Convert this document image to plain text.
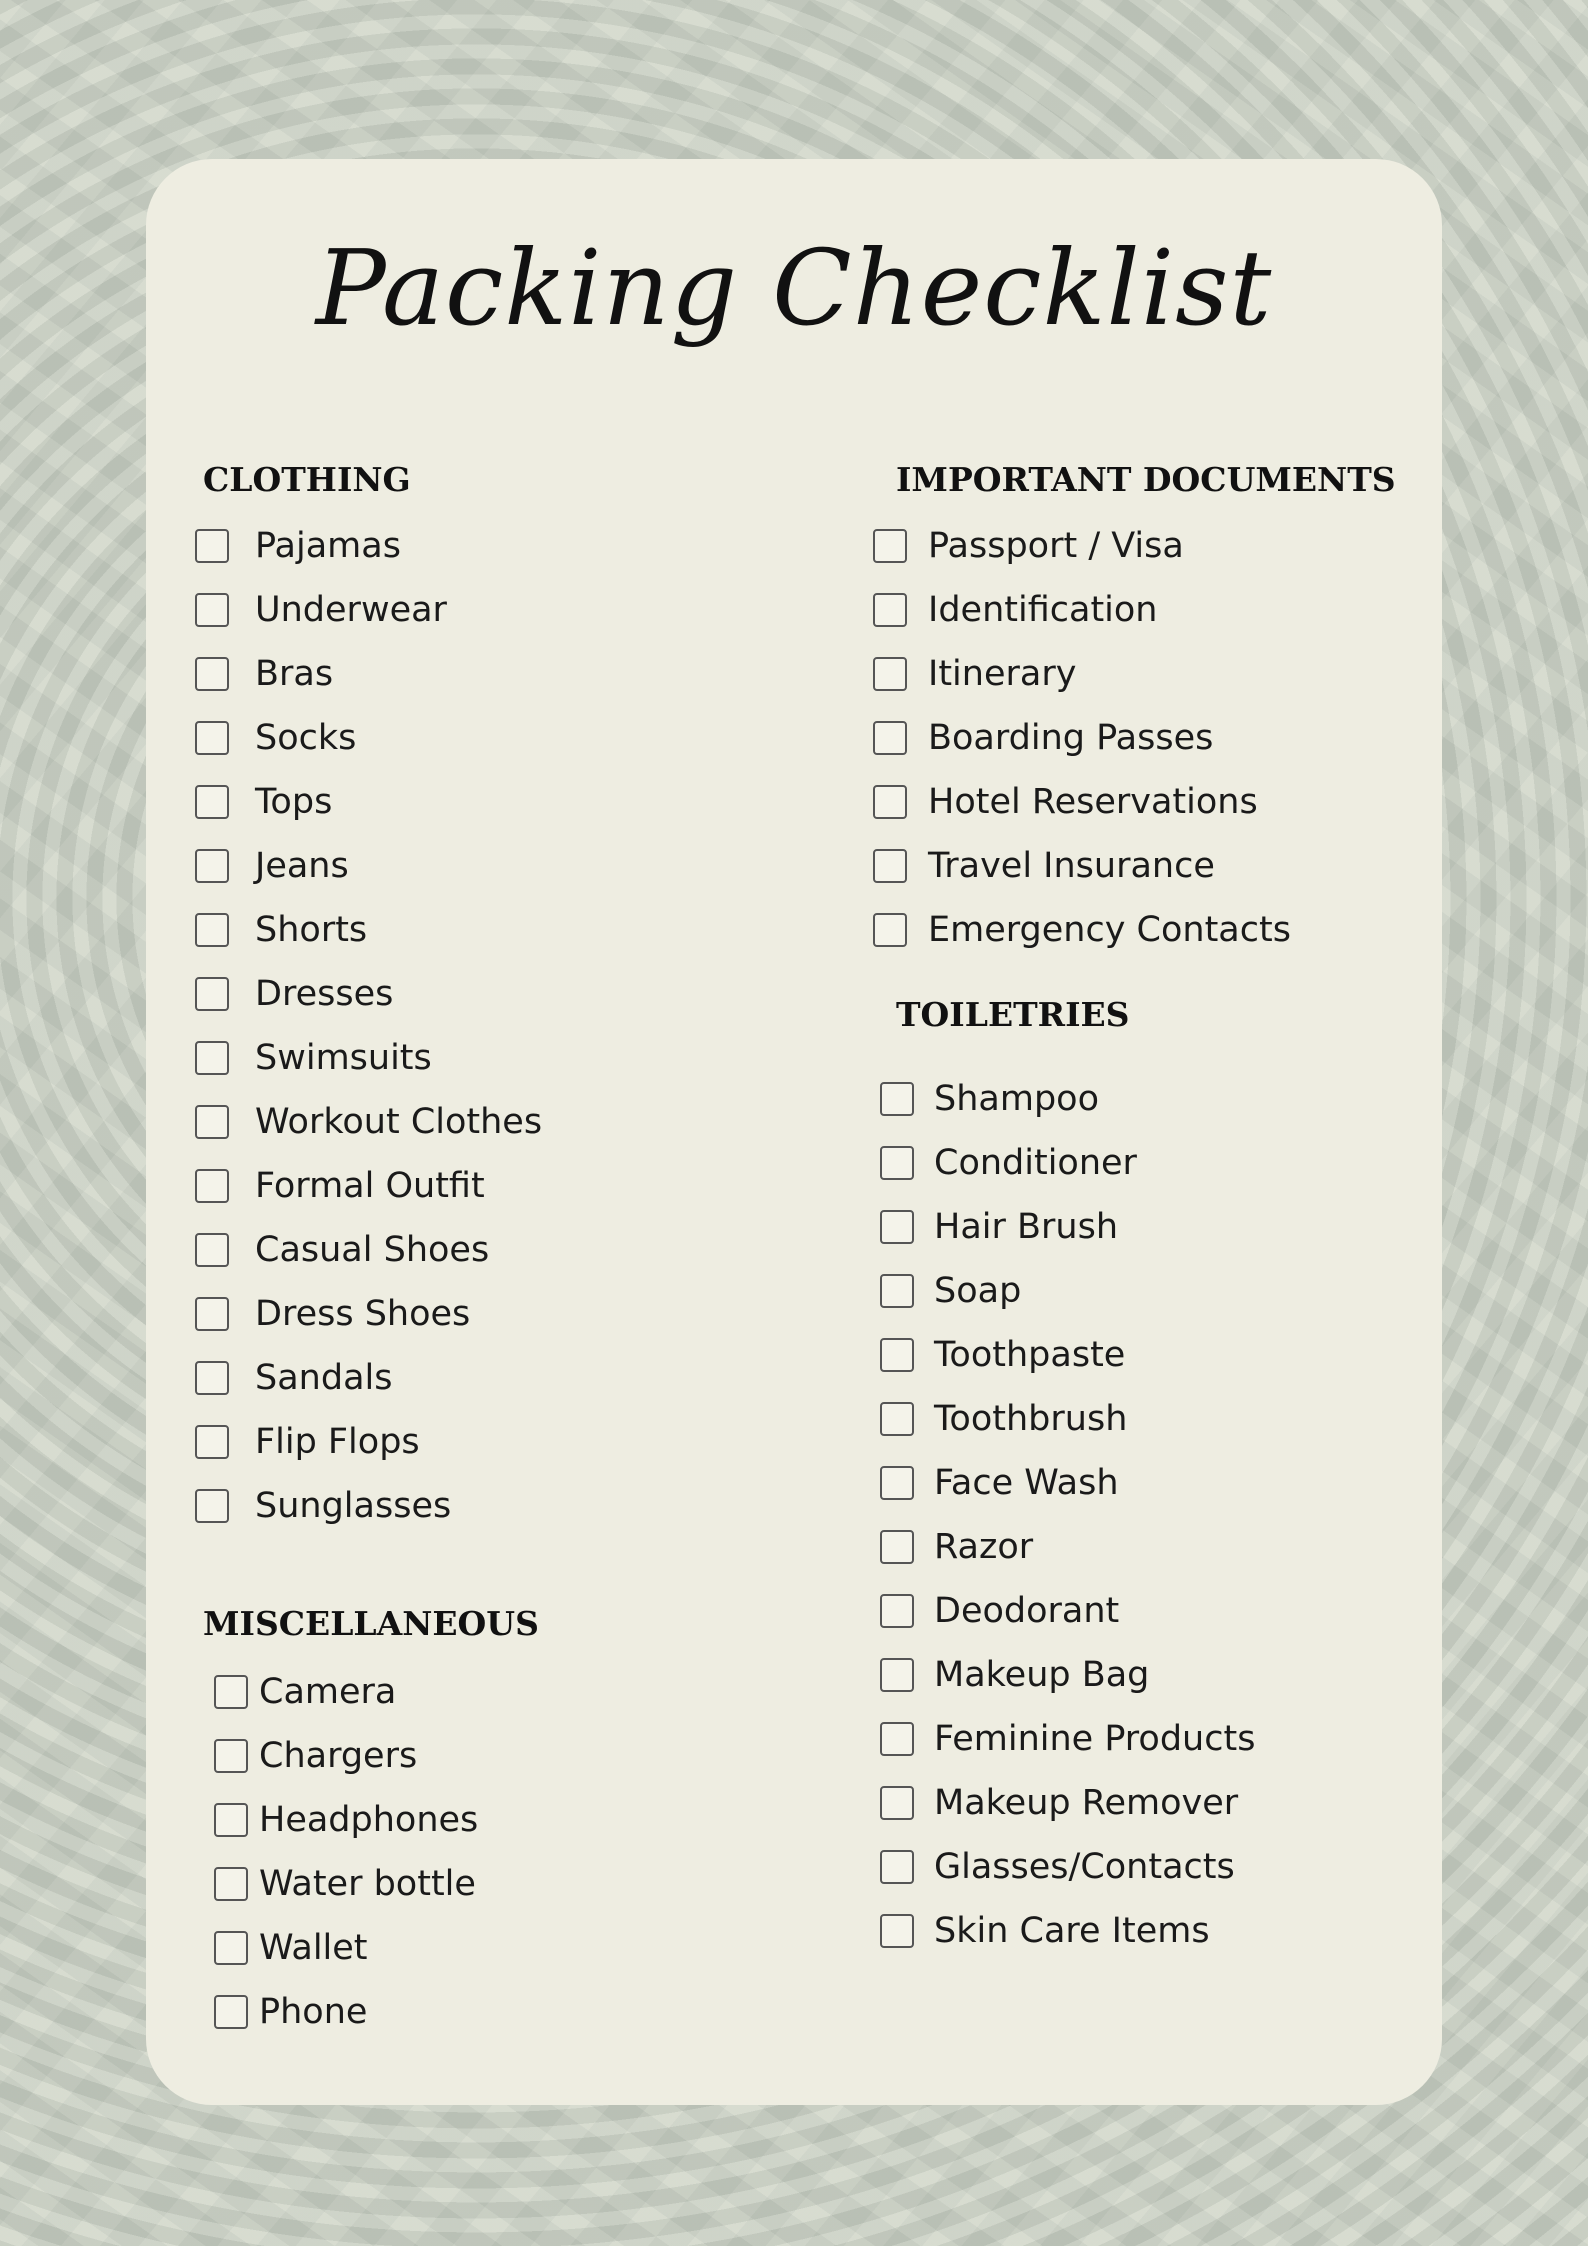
Packing Checklist
CLOTHING
Pajamas
Underwear
Bras
Socks
Tops
Jeans
Shorts
Dresses
Swimsuits
Workout Clothes
Formal Outfit
Casual Shoes
Dress Shoes
Sandals
Flip Flops
Sunglasses
MISCELLANEOUS
Camera
Chargers
Headphones
Water bottle
Wallet
Phone
IMPORTANT DOCUMENTS
Passport / Visa
Identification
Itinerary
Boarding Passes
Hotel Reservations
Travel Insurance
Emergency Contacts
TOILETRIES
Shampoo
Conditioner
Hair Brush
Soap
Toothpaste
Toothbrush
Face Wash
Razor
Deodorant
Makeup Bag
Feminine Products
Makeup Remover
Glasses/Contacts
Skin Care Items
